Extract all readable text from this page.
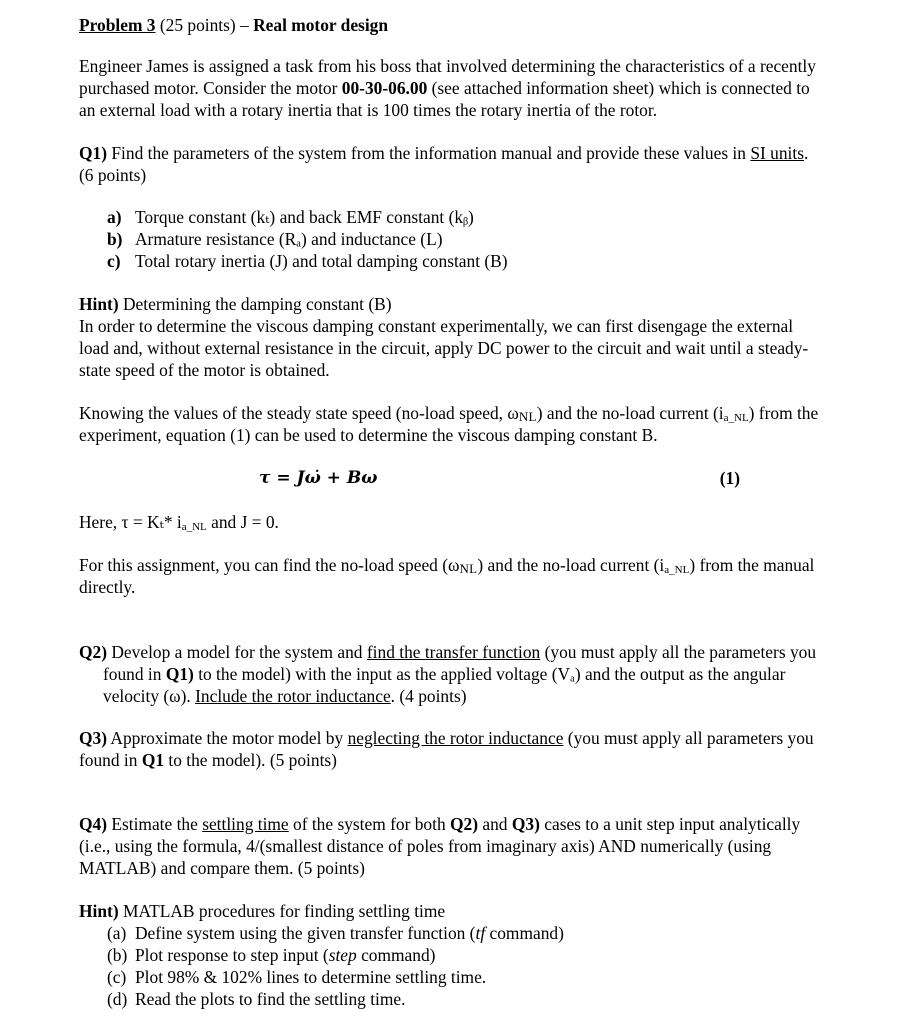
Problem 3 (25 points) – Real motor design

Engineer James is assigned a task from his boss that involved determining the characteristics of a recently purchased motor. Consider the motor 00-30-06.00 (see attached information sheet) which is connected to an external load with a rotary inertia that is 100 times the rotary inertia of the rotor.

Q1) Find the parameters of the system from the information manual and provide these values in SI units. (6 points)

a) Torque constant (kₜ) and back EMF constant (kᵦ)
b) Armature resistance (Rₐ) and inductance (L)
c) Total rotary inertia (J) and total damping constant (B)

Hint) Determining the damping constant (B)

In order to determine the viscous damping constant experimentally, we can first disengage the external load and, without external resistance in the circuit, apply DC power to the circuit and wait until a steady-state speed of the motor is obtained.

Knowing the values of the steady state speed (no-load speed, ωNL) and the no-load current (ia_NL) from the experiment, equation (1) can be used to determine the viscous damping constant B.

τ = Jω̇ + Bω	(1)

Here, τ = Kₜ* ia_NL and J = 0.

For this assignment, you can find the no-load speed (ωNL) and the no-load current (ia_NL) from the manual directly.

Q2) Develop a model for the system and find the transfer function (you must apply all the parameters you found in Q1) to the model) with the input as the applied voltage (Vₐ) and the output as the angular velocity (ω). Include the rotor inductance. (4 points)

Q3) Approximate the motor model by neglecting the rotor inductance (you must apply all parameters you found in Q1 to the model). (5 points)

Q4) Estimate the settling time of the system for both Q2) and Q3) cases to a unit step input analytically (i.e., using the formula, 4/(smallest distance of poles from imaginary axis) AND numerically (using MATLAB) and compare them. (5 points)

Hint) MATLAB procedures for finding settling time

(a) Define system using the given transfer function (tf command)
(b) Plot response to step input (step command)
(c) Plot 98% & 102% lines to determine settling time.
(d) Read the plots to find the settling time.
